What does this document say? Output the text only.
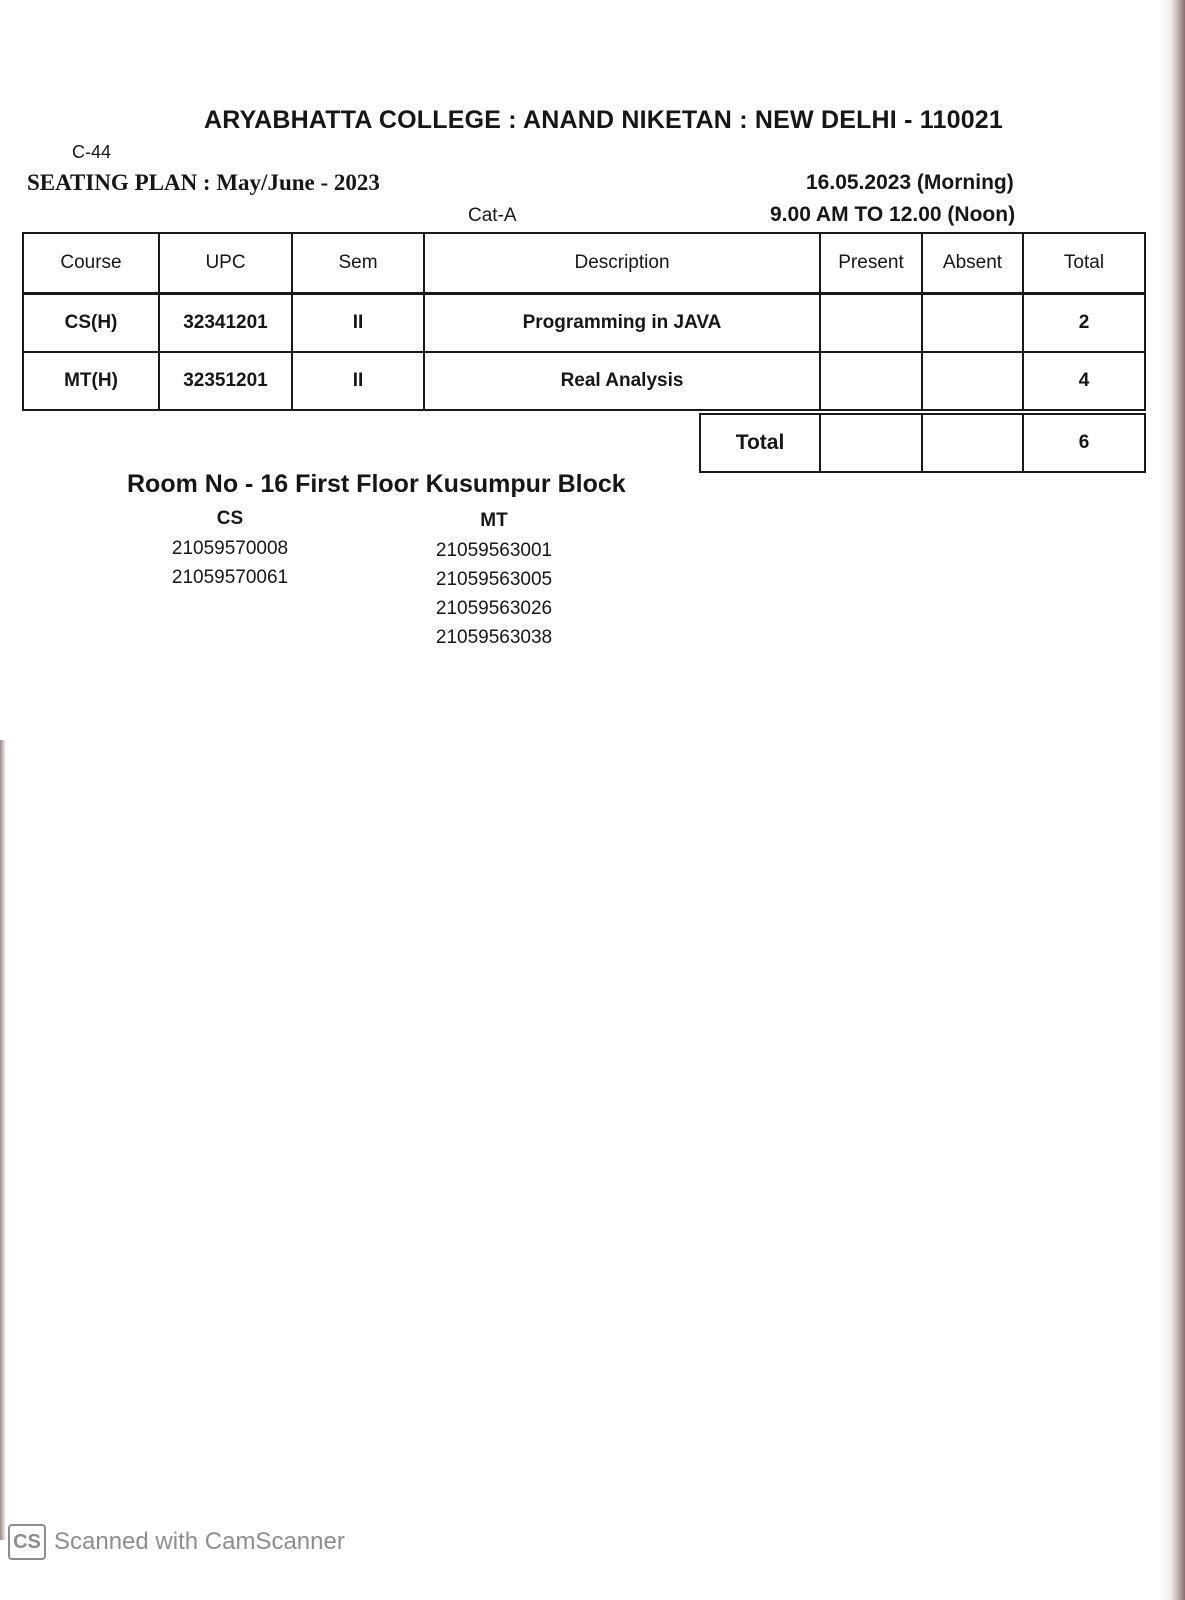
ARYABHATTA COLLEGE : ANAND NIKETAN : NEW DELHI - 110021
C-44
SEATING PLAN : May/June - 2023	16.05.2023 (Morning)
Cat-A	9.00 AM TO 12.00 (Noon)
Course	UPC	Sem	Description	Present	Absent	Total
CS(H)	32341201	II	Programming in JAVA			2
MT(H)	32351201	II	Real Analysis			4
Total			6
Room No - 16 First Floor Kusumpur Block
CS
21059570008
21059570061
MT
21059563001
21059563005
21059563026
21059563038
CS Scanned with CamScanner
